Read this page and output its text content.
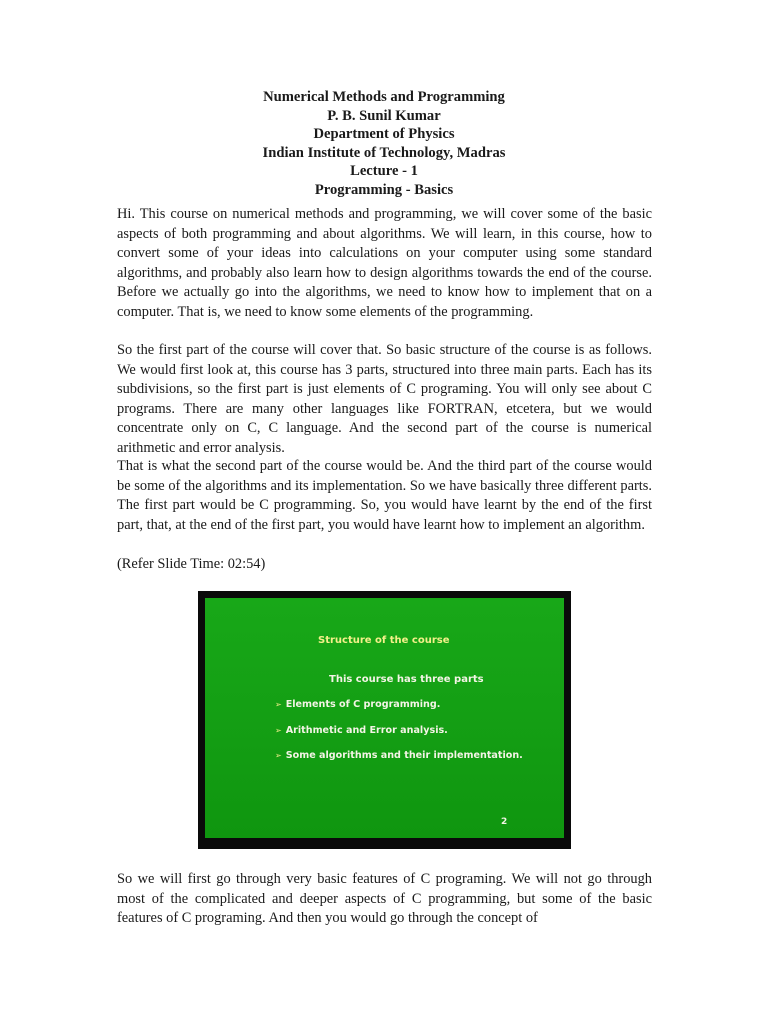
Numerical Methods and Programming
P. B. Sunil Kumar
Department of Physics
Indian Institute of Technology, Madras
Lecture - 1
Programming - Basics

Hi. This course on numerical methods and programming, we will cover some of the basic aspects of both programming and about algorithms. We will learn, in this course, how to convert some of your ideas into calculations on your computer using some standard algorithms, and probably also learn how to design algorithms towards the end of the course. Before we actually go into the algorithms, we need to know how to implement that on a computer. That is, we need to know some elements of the programming.

So the first part of the course will cover that. So basic structure of the course is as follows. We would first look at, this course has 3 parts, structured into three main parts. Each has its subdivisions, so the first part is just elements of C programing. You will only see about C programs. There are many other languages like FORTRAN, etcetera, but we would concentrate only on C, C language. And the second part of the course is numerical arithmetic and error analysis.

That is what the second part of the course would be. And the third part of the course would be some of the algorithms and its implementation. So we have basically three different parts. The first part would be C programming. So, you would have learnt by the end of the first part, that, at the end of the first part, you would have learnt how to implement an algorithm.

(Refer Slide Time: 02:54)

Structure of the course
This course has three parts
➢ Elements of C programming.
➢ Arithmetic and Error analysis.
➢ Some algorithms and their implementation.
2

So we will first go through very basic features of C programing. We will not go through most of the complicated and deeper aspects of C programming, but some of the basic features of C programing. And then you would go through the concept of
